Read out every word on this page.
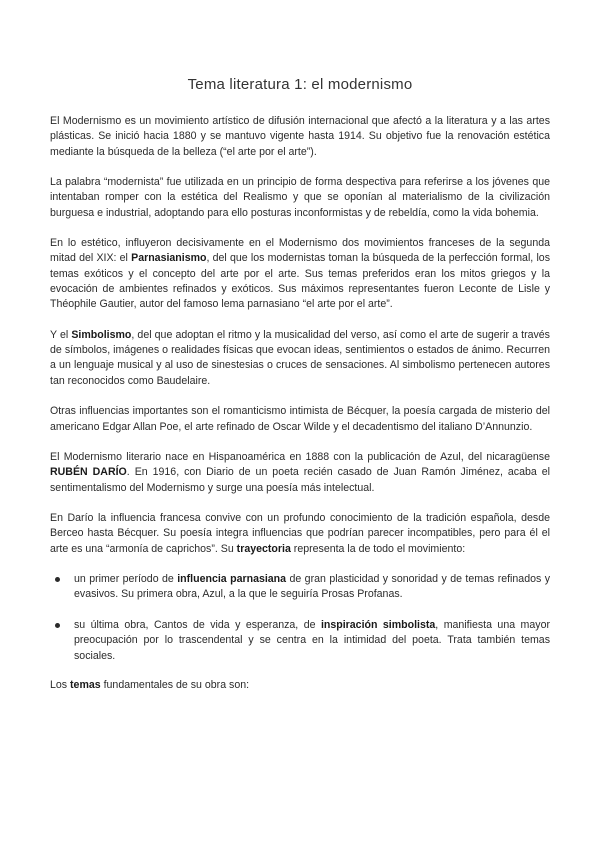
Tema literatura 1: el modernismo

El Modernismo es un movimiento artístico de difusión internacional que afectó a la literatura y a las artes plásticas. Se inició hacia 1880 y se mantuvo vigente hasta 1914. Su objetivo fue la renovación estética mediante la búsqueda de la belleza (“el arte por el arte”).

La palabra “modernista” fue utilizada en un principio de forma despectiva para referirse a los jóvenes que intentaban romper con la estética del Realismo y que se oponían al materialismo de la civilización burguesa e industrial, adoptando para ello posturas inconformistas y de rebeldía, como la vida bohemia.

En lo estético, influyeron decisivamente en el Modernismo dos movimientos franceses de la segunda mitad del XIX: el Parnasianismo, del que los modernistas toman la búsqueda de la perfección formal, los temas exóticos y el concepto del arte por el arte. Sus temas preferidos eran los mitos griegos y la evocación de ambientes refinados y exóticos. Sus máximos representantes fueron Leconte de Lisle y Théophile Gautier, autor del famoso lema parnasiano “el arte por el arte”.

Y el Simbolismo, del que adoptan el ritmo y la musicalidad del verso, así como el arte de sugerir a través de símbolos, imágenes o realidades físicas que evocan ideas, sentimientos o estados de ánimo. Recurren a un lenguaje musical y al uso de sinestesias o cruces de sensaciones. Al simbolismo pertenecen autores tan reconocidos como Baudelaire.

Otras influencias importantes son el romanticismo intimista de Bécquer, la poesía cargada de misterio del americano Edgar Allan Poe, el arte refinado de Oscar Wilde y el decadentismo del italiano D’Annunzio.

El Modernismo literario nace en Hispanoamérica en 1888 con la publicación de Azul, del nicaragüense RUBÉN DARÍO. En 1916, con Diario de un poeta recién casado de Juan Ramón Jiménez, acaba el sentimentalismo del Modernismo y surge una poesía más intelectual.

En Darío la influencia francesa convive con un profundo conocimiento de la tradición española, desde Berceo hasta Bécquer. Su poesía integra influencias que podrían parecer incompatibles, pero para él el arte es una “armonía de caprichos”. Su trayectoria representa la de todo el movimiento:

un primer período de influencia parnasiana de gran plasticidad y sonoridad y de temas refinados y evasivos. Su primera obra, Azul, a la que le seguiría Prosas Profanas.
su última obra, Cantos de vida y esperanza, de inspiración simbolista, manifiesta una mayor preocupación por lo trascendental y se centra en la intimidad del poeta. Trata también temas sociales.

Los temas fundamentales de su obra son:
